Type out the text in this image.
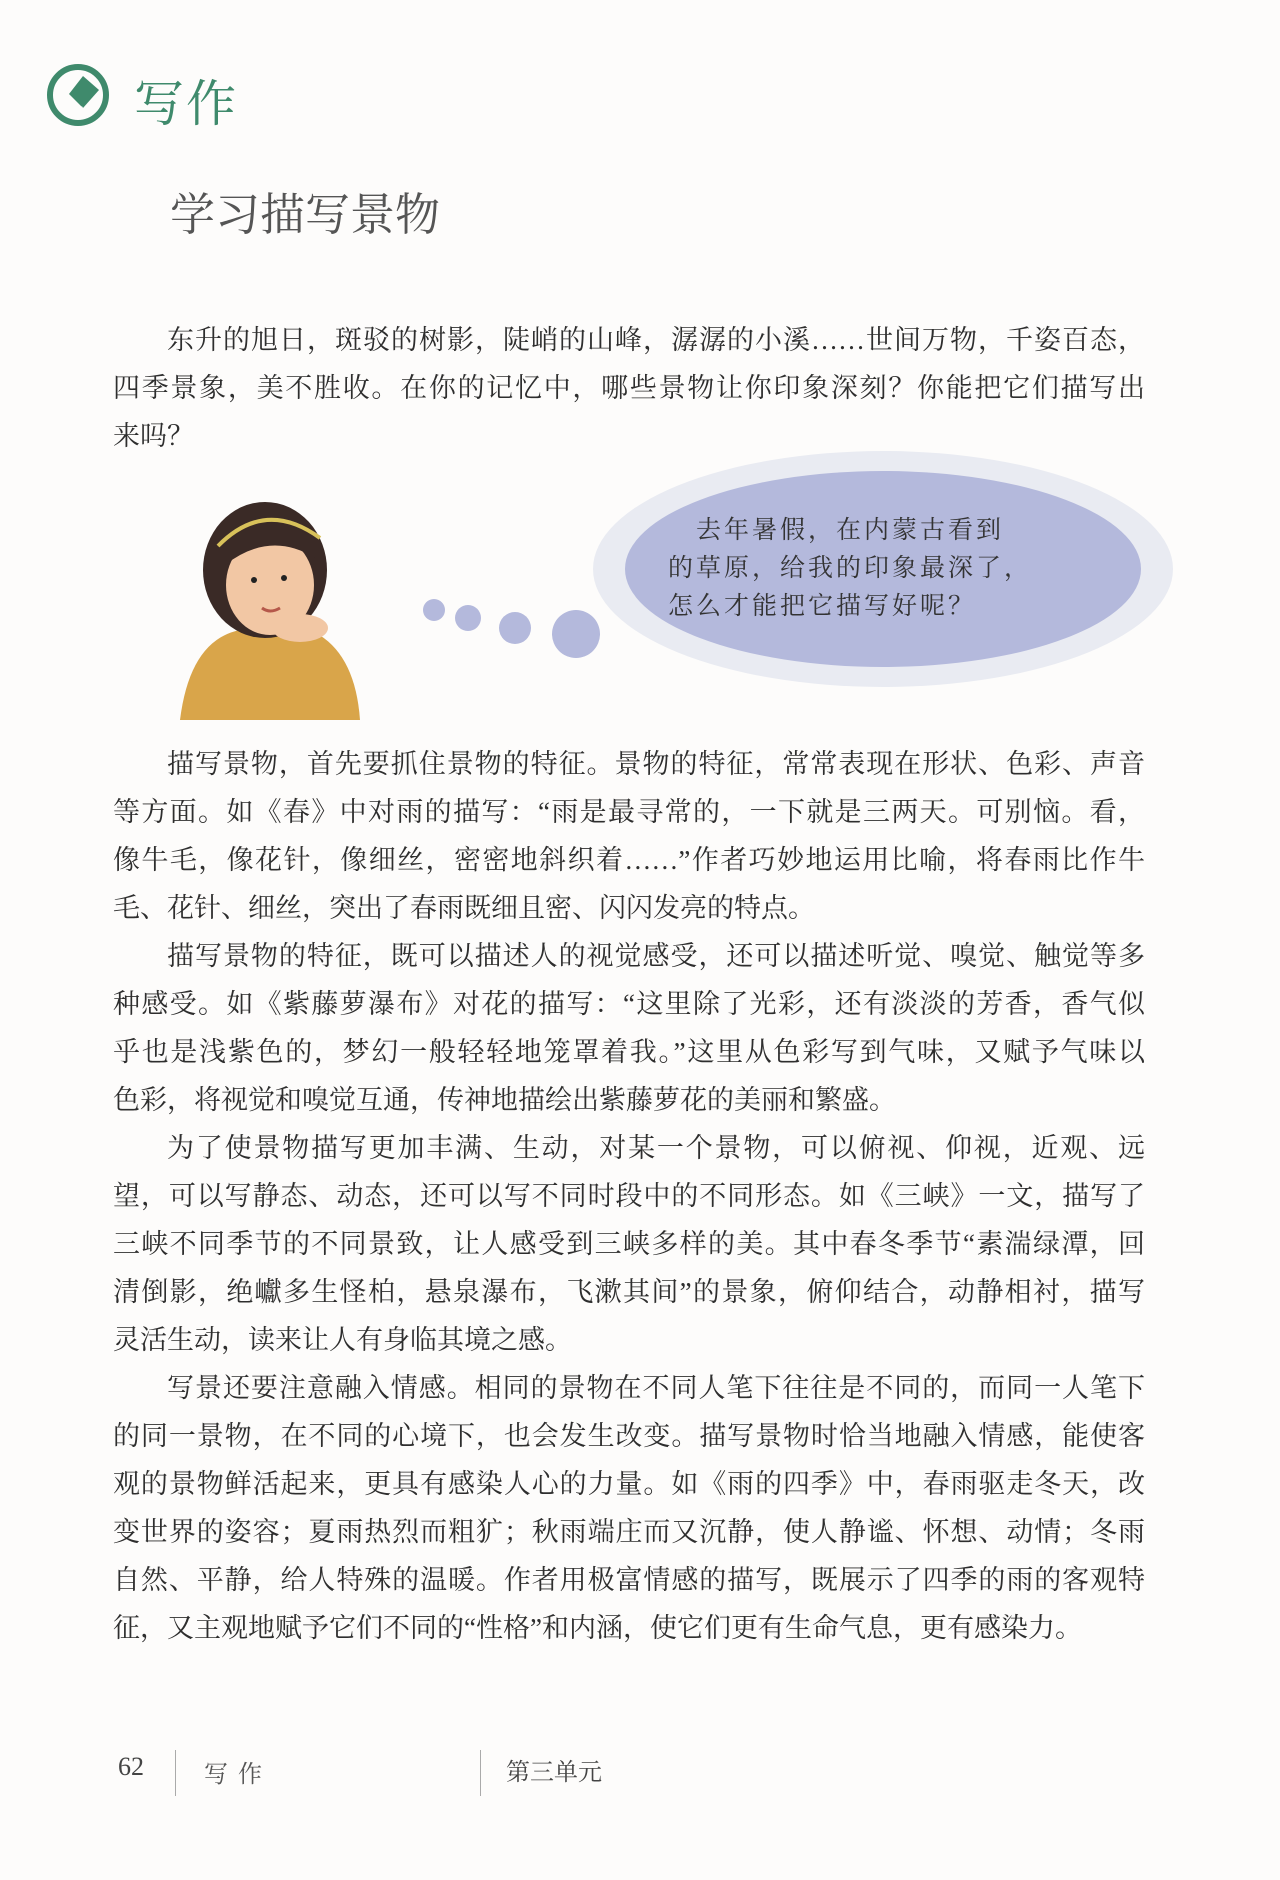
写作
学习描写景物
东升的旭日，斑驳的树影，陡峭的山峰，潺潺的小溪……世间万物，千姿百态，
四季景象，美不胜收。在你的记忆中，哪些景物让你印象深刻？你能把它们描写出
来吗？
　去年暑假，在内蒙古看到
的草原，给我的印象最深了，
怎么才能把它描写好呢？
描写景物，首先要抓住景物的特征。景物的特征，常常表现在形状、色彩、声音
等方面。如《春》中对雨的描写：“雨是最寻常的，一下就是三两天。可别恼。看，
像牛毛，像花针，像细丝，密密地斜织着……”作者巧妙地运用比喻，将春雨比作牛
毛、花针、细丝，突出了春雨既细且密、闪闪发亮的特点。
描写景物的特征，既可以描述人的视觉感受，还可以描述听觉、嗅觉、触觉等多
种感受。如《紫藤萝瀑布》对花的描写：“这里除了光彩，还有淡淡的芳香，香气似
乎也是浅紫色的，梦幻一般轻轻地笼罩着我。”这里从色彩写到气味，又赋予气味以
色彩，将视觉和嗅觉互通，传神地描绘出紫藤萝花的美丽和繁盛。
为了使景物描写更加丰满、生动，对某一个景物，可以俯视、仰视，近观、远
望，可以写静态、动态，还可以写不同时段中的不同形态。如《三峡》一文，描写了
三峡不同季节的不同景致，让人感受到三峡多样的美。其中春冬季节“素湍绿潭，回
清倒影，绝巘多生怪柏，悬泉瀑布，飞漱其间”的景象，俯仰结合，动静相衬，描写
灵活生动，读来让人有身临其境之感。
写景还要注意融入情感。相同的景物在不同人笔下往往是不同的，而同一人笔下
的同一景物，在不同的心境下，也会发生改变。描写景物时恰当地融入情感，能使客
观的景物鲜活起来，更具有感染人心的力量。如《雨的四季》中，春雨驱走冬天，改
变世界的姿容；夏雨热烈而粗犷；秋雨端庄而又沉静，使人静谧、怀想、动情；冬雨
自然、平静，给人特殊的温暖。作者用极富情感的描写，既展示了四季的雨的客观特
征，又主观地赋予它们不同的“性格”和内涵，使它们更有生命气息，更有感染力。
62	写作	第三单元
